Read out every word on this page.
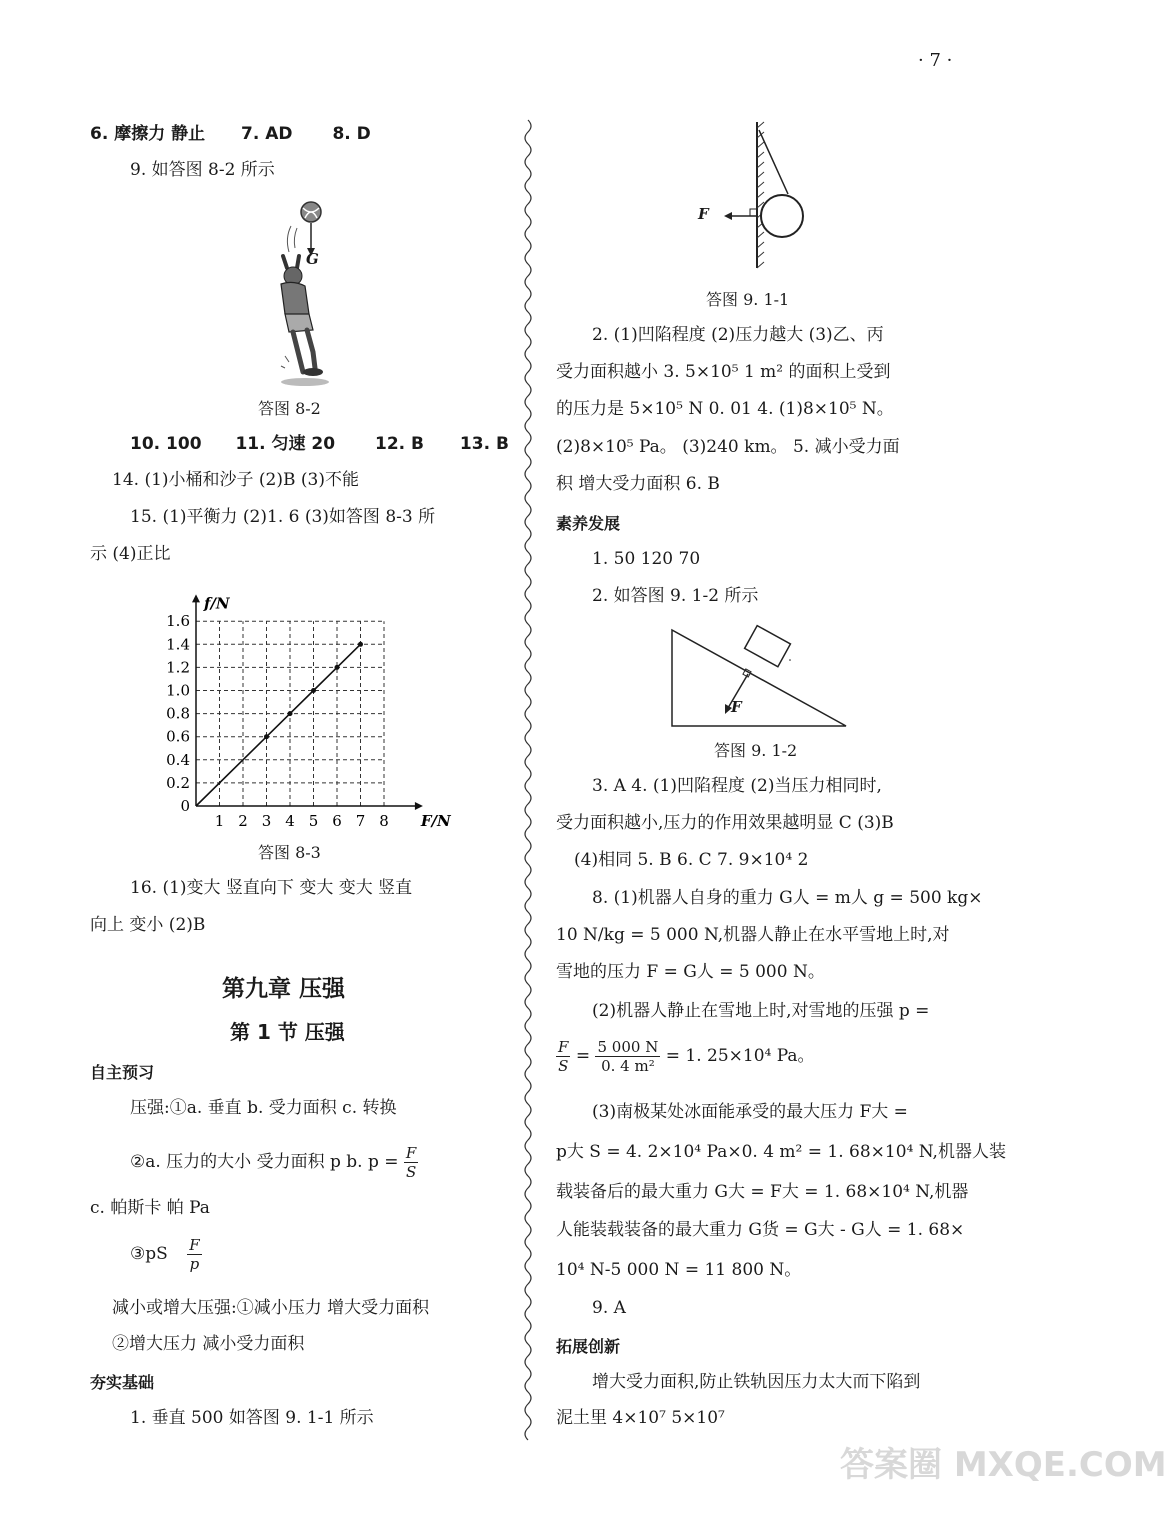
· 7 ·
6. 摩擦力 静止 7. AD 8. D
9. 如答图 8-2 所示
G
答图 8-2
10. 100 11. 匀速 20 12. B 13. B
14. (1)小桶和沙子 (2)B (3)不能
15. (1)平衡力 (2)1. 6 (3)如答图 8-3 所
示 (4)正比
1 2 3 4 5 6 7 8
0
0.2
0.4
0.6
0.8
1.0
1.2
1.4
1.6
F/N
f/N
答图 8-3
16. (1)变大 竖直向下 变大 变大 竖直
向上 变小 (2)B
第九章 压强
第 1 节 压强
自主预习
压强:①a. 垂直 b. 受力面积 c. 转换
②a. 压力的大小 受力面积 p b. $p = \frac{F}{S}$
c. 帕斯卡 帕 Pa
③pS $\frac{F}{p}$
减小或增大压强:①减小压力 增大受力面积
②增大压力 减小受力面积
夯实基础
1. 垂直 500 如答图 9. 1-1 所示
F
答图 9. 1-1
2. (1)凹陷程度 (2)压力越大 (3)乙、丙
受力面积越小 3. 5×10⁵ 1 m² 的面积上受到
的压力是 5×10⁵ N 0. 01 4. (1)8×10⁵ N。
(2)8×10⁵ Pa。 (3)240 km。 5. 减小受力面
积 增大受力面积 6. B
素养发展
1. 50 120 70
2. 如答图 9. 1-2 所示
F
答图 9. 1-2
3. A 4. (1)凹陷程度 (2)当压力相同时,
受力面积越小,压力的作用效果越明显 C (3)B
(4)相同 5. B 6. C 7. 9×10⁴ 2
8. (1)机器人自身的重力 G人 = m人 g = 500 kg×
10 N/kg = 5 000 N,机器人静止在水平雪地上时,对
雪地的压力 F = G人 = 5 000 N。
(2)机器人静止在雪地上时,对雪地的压强 p =
$\frac{F}{S} = \frac{5 000 N}{\text{0. 4 m²}} = 1$. 25×10⁴ Pa。
(3)南极某处冰面能承受的最大压力 F大 =
p大 S = 4. 2×10⁴ Pa×0. 4 m² = 1. 68×10⁴ N,机器人装
载装备后的最大重力 G大 = F大 = 1. 68×10⁴ N,机器
人能装载装备的最大重力 G货 = G大 - G人 = 1. 68×
10⁴ N-5 000 N = 11 800 N。
9. A
拓展创新
增大受力面积,防止铁轨因压力太大而下陷到
泥土里 4×10⁷ 5×10⁷
答案圈 MXQE.COM
